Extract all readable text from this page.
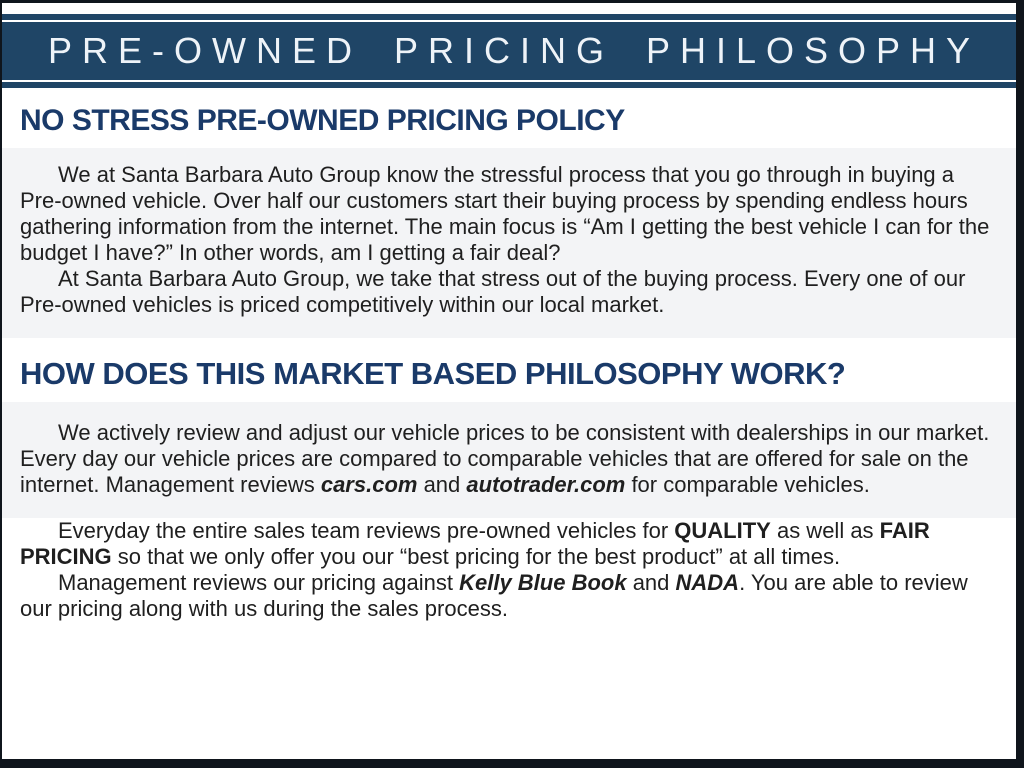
PRE-OWNED PRICING PHILOSOPHY
NO STRESS PRE-OWNED PRICING POLICY

We at Santa Barbara Auto Group know the stressful process that you go through in buying a Pre-owned vehicle. Over half our customers start their buying process by spending endless hours gathering information from the internet. The main focus is “Am I getting the best vehicle I can for the budget I have?” In other words, am I getting a fair deal?

At Santa Barbara Auto Group, we take that stress out of the buying process. Every one of our Pre-owned vehicles is priced competitively within our local market.

HOW DOES THIS MARKET BASED PHILOSOPHY WORK?

We actively review and adjust our vehicle prices to be consistent with dealerships in our market. Every day our vehicle prices are compared to comparable vehicles that are offered for sale on the internet. Management reviews cars.com and autotrader.com for comparable vehicles.

Everyday the entire sales team reviews pre-owned vehicles for QUALITY as well as FAIR PRICING so that we only offer you our “best pricing for the best product” at all times.

Management reviews our pricing against Kelly Blue Book and NADA. You are able to review our pricing along with us during the sales process.
